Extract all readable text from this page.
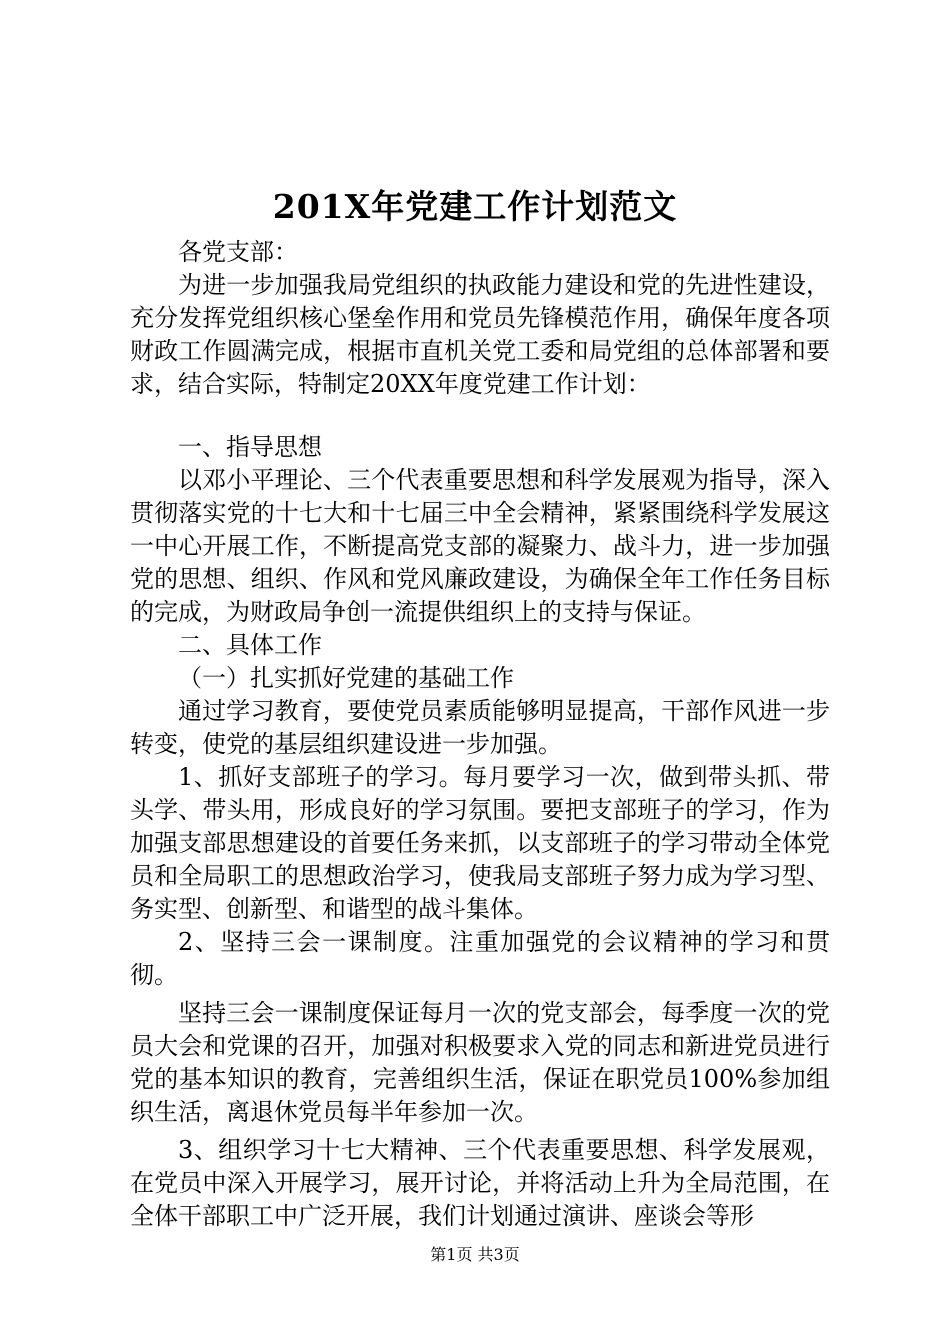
201X年党建工作计划范文

各党支部：

为进一步加强我局党组织的执政能力建设和党的先进性建设，充分发挥党组织核心堡垒作用和党员先锋模范作用，确保年度各项财政工作圆满完成，根据市直机关党工委和局党组的总体部署和要求，结合实际，特制定20XX年度党建工作计划：

一、指导思想

以邓小平理论、三个代表重要思想和科学发展观为指导，深入贯彻落实党的十七大和十七届三中全会精神，紧紧围绕科学发展这一中心开展工作，不断提高党支部的凝聚力、战斗力，进一步加强党的思想、组织、作风和党风廉政建设，为确保全年工作任务目标的完成，为财政局争创一流提供组织上的支持与保证。

二、具体工作

（一）扎实抓好党建的基础工作

通过学习教育，要使党员素质能够明显提高，干部作风进一步转变，使党的基层组织建设进一步加强。

1、抓好支部班子的学习。每月要学习一次，做到带头抓、带头学、带头用，形成良好的学习氛围。要把支部班子的学习，作为加强支部思想建设的首要任务来抓，以支部班子的学习带动全体党员和全局职工的思想政治学习，使我局支部班子努力成为学习型、务实型、创新型、和谐型的战斗集体。

2、坚持三会一课制度。注重加强党的会议精神的学习和贯彻。

坚持三会一课制度保证每月一次的党支部会，每季度一次的党员大会和党课的召开，加强对积极要求入党的同志和新进党员进行党的基本知识的教育，完善组织生活，保证在职党员100%参加组织生活，离退休党员每半年参加一次。

3、组织学习十七大精神、三个代表重要思想、科学发展观，在党员中深入开展学习，展开讨论，并将活动上升为全局范围，在全体干部职工中广泛开展，我们计划通过演讲、座谈会等形

第1页 共3页
